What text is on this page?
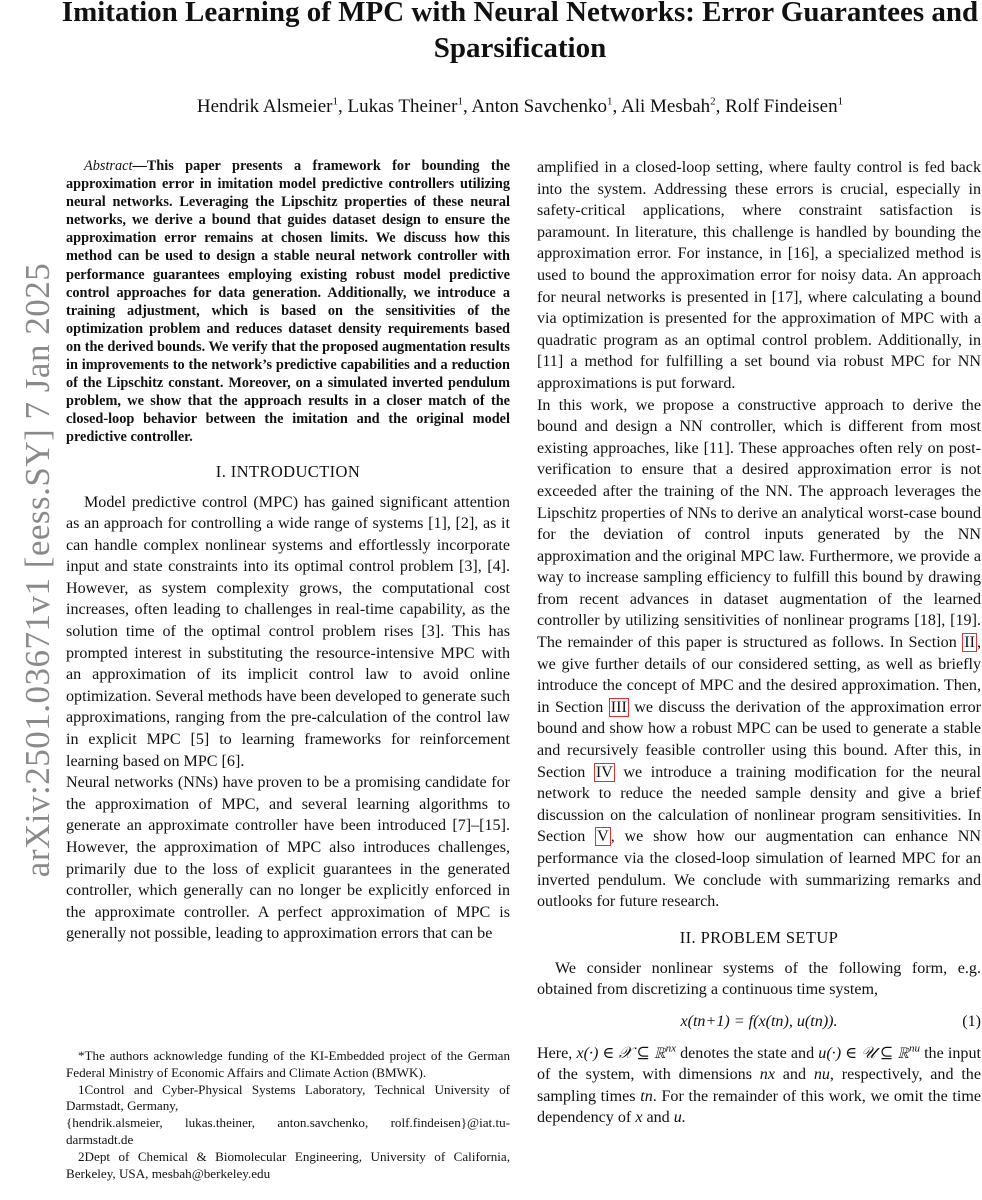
arXiv:2501.03671v1 [eess.SY] 7 Jan 2025
Imitation Learning of MPC with Neural Networks: Error Guarantees and Sparsification
Hendrik Alsmeier$^1$, Lukas Theiner$^1$, Anton Savchenko$^1$, Ali Mesbah$^2$, Rolf Findeisen$^1$

Abstract—This paper presents a framework for bounding the approximation error in imitation model predictive controllers utilizing neural networks. Leveraging the Lipschitz properties of these neural networks, we derive a bound that guides dataset design to ensure the approximation error remains at chosen limits. We discuss how this method can be used to design a stable neural network controller with performance guarantees employing existing robust model predictive control approaches for data generation. Additionally, we introduce a training adjustment, which is based on the sensitivities of the optimization problem and reduces dataset density requirements based on the derived bounds. We verify that the proposed augmentation results in improvements to the network’s predictive capabilities and a reduction of the Lipschitz constant. Moreover, on a simulated inverted pendulum problem, we show that the approach results in a closer match of the closed-loop behavior between the imitation and the original model predictive controller.

I. INTRODUCTION

Model predictive control (MPC) has gained significant attention as an approach for controlling a wide range of systems [1], [2], as it can handle complex nonlinear systems and effortlessly incorporate input and state constraints into its optimal control problem [3], [4]. However, as system complexity grows, the computational cost increases, often leading to challenges in real-time capability, as the solution time of the optimal control problem rises [3]. This has prompted interest in substituting the resource-intensive MPC with an approximation of its implicit control law to avoid online optimization. Several methods have been developed to generate such approximations, ranging from the pre-calculation of the control law in explicit MPC [5] to learning frameworks for reinforcement learning based on MPC [6].

Neural networks (NNs) have proven to be a promising candidate for the approximation of MPC, and several learning algorithms to generate an approximate controller have been introduced [7]–[15]. However, the approximation of MPC also introduces challenges, primarily due to the loss of explicit guarantees in the generated controller, which generally can no longer be explicitly enforced in the approximate controller. A perfect approximation of MPC is generally not possible, leading to approximation errors that can be

*The authors acknowledge funding of the KI-Embedded project of the German Federal Ministry of Economic Affairs and Climate Action (BMWK).

1Control and Cyber-Physical Systems Laboratory, Technical University of Darmstadt, Germany,

{hendrik.alsmeier, lukas.theiner, anton.savchenko, rolf.findeisen}@iat.tu-darmstadt.de

2Dept of Chemical & Biomolecular Engineering, University of California, Berkeley, USA, mesbah@berkeley.edu

amplified in a closed-loop setting, where faulty control is fed back into the system. Addressing these errors is crucial, especially in safety-critical applications, where constraint satisfaction is paramount. In literature, this challenge is handled by bounding the approximation error. For instance, in [16], a specialized method is used to bound the approximation error for noisy data. An approach for neural networks is presented in [17], where calculating a bound via optimization is presented for the approximation of MPC with a quadratic program as an optimal control problem. Additionally, in [11] a method for fulfilling a set bound via robust MPC for NN approximations is put forward.

In this work, we propose a constructive approach to derive the bound and design a NN controller, which is different from most existing approaches, like [11]. These approaches often rely on post-verification to ensure that a desired approximation error is not exceeded after the training of the NN. The approach leverages the Lipschitz properties of NNs to derive an analytical worst-case bound for the deviation of control inputs generated by the NN approximation and the original MPC law. Furthermore, we provide a way to increase sampling efficiency to fulfill this bound by drawing from recent advances in dataset augmentation of the learned controller by utilizing sensitivities of nonlinear programs [18], [19]. The remainder of this paper is structured as follows. In Section II , we give further details of our considered setting, as well as briefly introduce the concept of MPC and the desired approximation. Then, in Section III we discuss the derivation of the approximation error bound and show how a robust MPC can be used to generate a stable and recursively feasible controller using this bound. After this, in Section IV we introduce a training modification for the neural network to reduce the needed sample density and give a brief discussion on the calculation of nonlinear program sensitivities. In Section V , we show how our augmentation can enhance NN performance via the closed-loop simulation of learned MPC for an inverted pendulum. We conclude with summarizing remarks and outlooks for future research.

II. PROBLEM SETUP

We consider nonlinear systems of the following form, e.g. obtained from discretizing a continuous time system,

x(tn+1) = f(x(tn), u(tn)).	(1)

Here, x(·) ∈ 𝒳 ⊆ ℝ$^{nx}$ denotes the state and u(·) ∈ 𝒰 ⊆ ℝ$^{nu}$ the input of the system, with dimensions nx and nu, respectively, and the sampling times tn. For the remainder of this work, we omit the time dependency of x and u.
